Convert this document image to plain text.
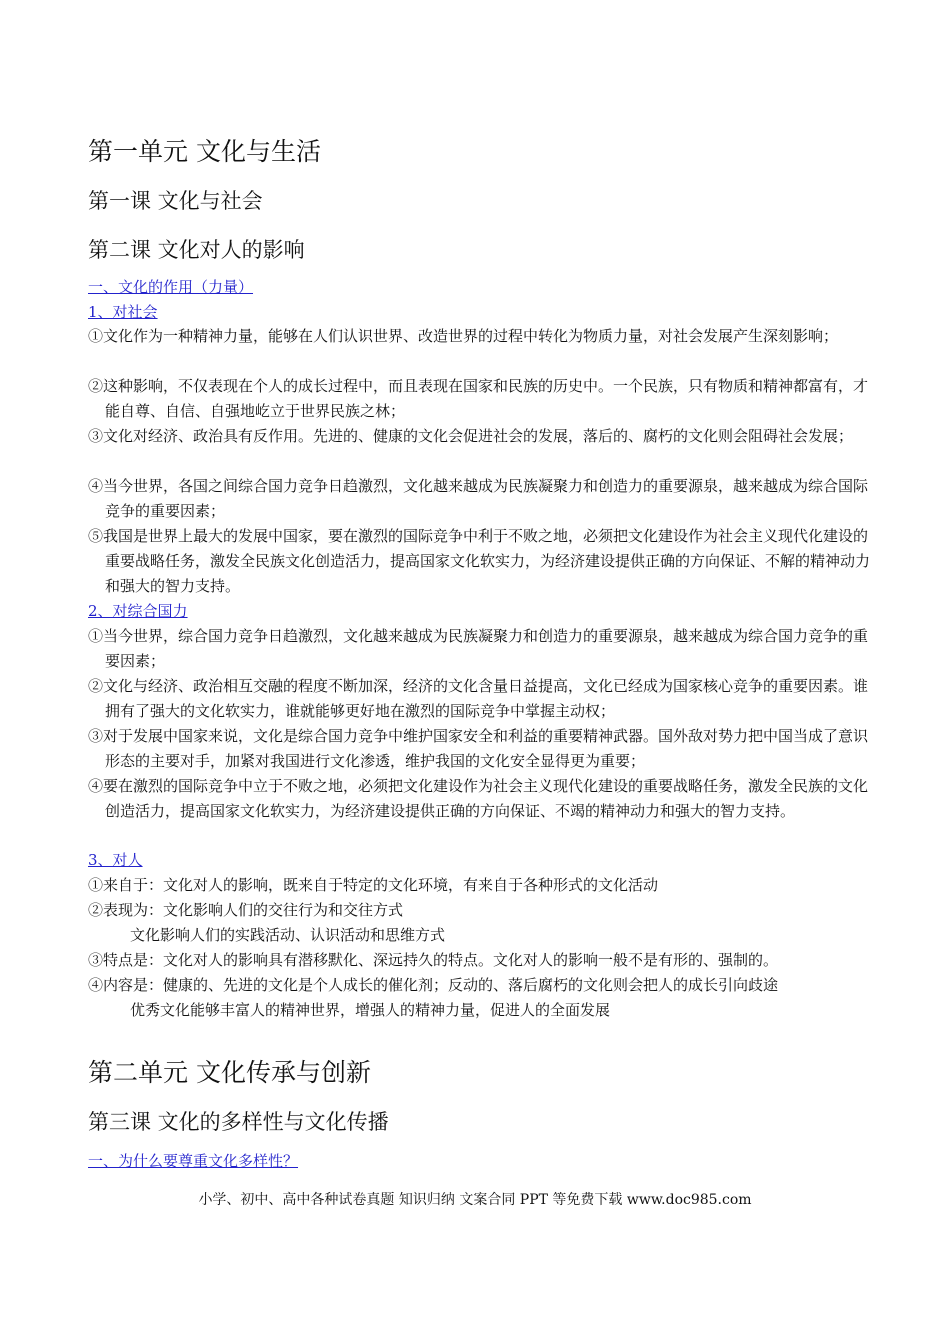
第一单元 文化与生活
第一课 文化与社会
第二课 文化对人的影响
一、文化的作用（力量）
1、对社会
①文化作为一种精神力量，能够在人们认识世界、改造世界的过程中转化为物质力量，对社会发展产生深刻影响；
②这种影响，不仅表现在个人的成长过程中，而且表现在国家和民族的历史中。一个民族，只有物质和精神都富有，才能自尊、自信、自强地屹立于世界民族之林；
③文化对经济、政治具有反作用。先进的、健康的文化会促进社会的发展，落后的、腐朽的文化则会阻碍社会发展；
④当今世界，各国之间综合国力竞争日趋激烈，文化越来越成为民族凝聚力和创造力的重要源泉，越来越成为综合国际竞争的重要因素；
⑤我国是世界上最大的发展中国家，要在激烈的国际竞争中利于不败之地，必须把文化建设作为社会主义现代化建设的重要战略任务，激发全民族文化创造活力，提高国家文化软实力，为经济建设提供正确的方向保证、不解的精神动力和强大的智力支持。
2、对综合国力
①当今世界，综合国力竞争日趋激烈，文化越来越成为民族凝聚力和创造力的重要源泉，越来越成为综合国力竞争的重要因素；
②文化与经济、政治相互交融的程度不断加深，经济的文化含量日益提高，文化已经成为国家核心竞争的重要因素。谁拥有了强大的文化软实力，谁就能够更好地在激烈的国际竞争中掌握主动权；
③对于发展中国家来说，文化是综合国力竞争中维护国家安全和利益的重要精神武器。国外敌对势力把中国当成了意识形态的主要对手，加紧对我国进行文化渗透，维护我国的文化安全显得更为重要；
④要在激烈的国际竞争中立于不败之地，必须把文化建设作为社会主义现代化建设的重要战略任务，激发全民族的文化创造活力，提高国家文化软实力，为经济建设提供正确的方向保证、不竭的精神动力和强大的智力支持。
3、对人
①来自于：文化对人的影响，既来自于特定的文化环境，有来自于各种形式的文化活动
②表现为：文化影响人们的交往行为和交往方式
文化影响人们的实践活动、认识活动和思维方式
③特点是：文化对人的影响具有潜移默化、深远持久的特点。文化对人的影响一般不是有形的、强制的。
④内容是：健康的、先进的文化是个人成长的催化剂；反动的、落后腐朽的文化则会把人的成长引向歧途
优秀文化能够丰富人的精神世界，增强人的精神力量，促进人的全面发展
第二单元 文化传承与创新
第三课 文化的多样性与文化传播
一、为什么要尊重文化多样性？
小学、初中、高中各种试卷真题 知识归纳 文案合同 PPT 等免费下载 www.doc985.com
